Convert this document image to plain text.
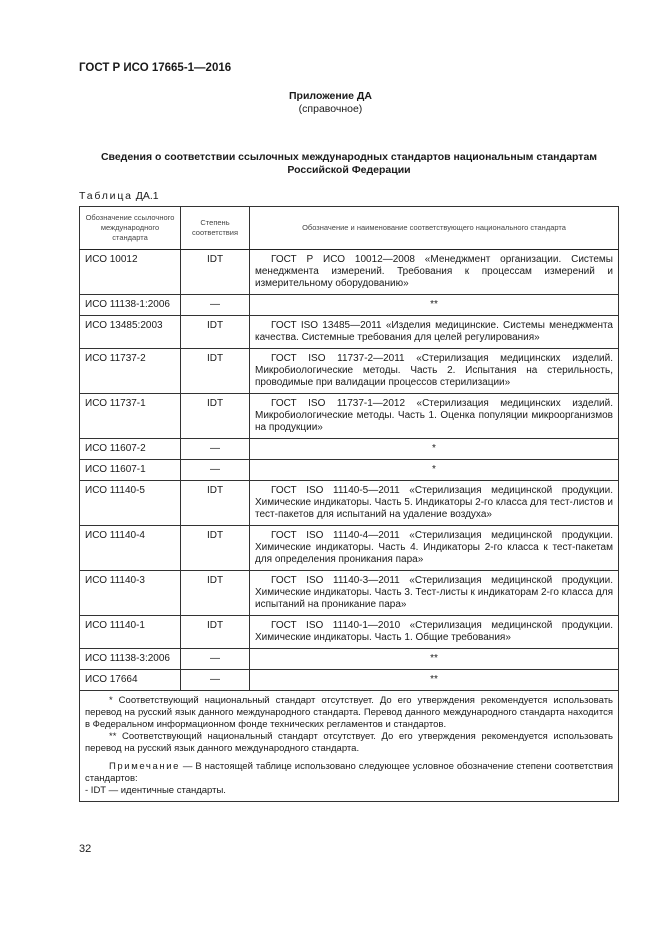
ГОСТ Р ИСО 17665-1—2016
Приложение ДА
(справочное)
Сведения о соответствии ссылочных международных стандартов национальным стандартам Российской Федерации
Таблица ДА.1
Обозначение ссылочного международного стандарта	Степень соответствия	Обозначение и наименование соответствующего национального стандарта
ИСО 10012	IDT	ГОСТ Р ИСО 10012—2008 «Менеджмент организации. Системы менеджмента измерений. Требования к процессам измерений и измерительному оборудованию»
ИСО 11138-1:2006	—	**
ИСО 13485:2003	IDT	ГОСТ ISO 13485—2011 «Изделия медицинские. Системы менеджмента качества. Системные требования для целей регулирования»
ИСО 11737-2	IDT	ГОСТ ISO 11737-2—2011 «Стерилизация медицинских изделий. Микробиологические методы. Часть 2. Испытания на стерильность, проводимые при валидации процессов стерилизации»
ИСО 11737-1	IDT	ГОСТ ISO 11737-1—2012 «Стерилизация медицинских изделий. Микробиологические методы. Часть 1. Оценка популяции микроорганизмов на продукции»
ИСО 11607-2	—	*
ИСО 11607-1	—	*
ИСО 11140-5	IDT	ГОСТ ISO 11140-5—2011 «Стерилизация медицинской продукции. Химические индикаторы. Часть 5. Индикаторы 2-го класса для тест-листов и тест-пакетов для испытаний на удаление воздуха»
ИСО 11140-4	IDT	ГОСТ ISO 11140-4—2011 «Стерилизация медицинской продукции. Химические индикаторы. Часть 4. Индикаторы 2-го класса к тест-пакетам для определения проникания пара»
ИСО 11140-3	IDT	ГОСТ ISO 11140-3—2011 «Стерилизация медицинской продукции. Химические индикаторы. Часть 3. Тест-листы к индикаторам 2-го класса для испытаний на проникание пара»
ИСО 11140-1	IDT	ГОСТ ISO 11140-1—2010 «Стерилизация медицинской продукции. Химические индикаторы. Часть 1. Общие требования»
ИСО 11138-3:2006	—	**
ИСО 17664	—	**

* Соответствующий национальный стандарт отсутствует. До его утверждения рекомендуется использовать перевод на русский язык данного международного стандарта. Перевод данного международного стандарта находится в Федеральном информационном фонде технических регламентов и стандартов.

** Соответствующий национальный стандарт отсутствует. До его утверждения рекомендуется использовать перевод на русский язык данного международного стандарта.

Примечание — В настоящей таблице использовано следующее условное обозначение степени соответствия стандартов:

- IDT — идентичные стандарты.		

32
